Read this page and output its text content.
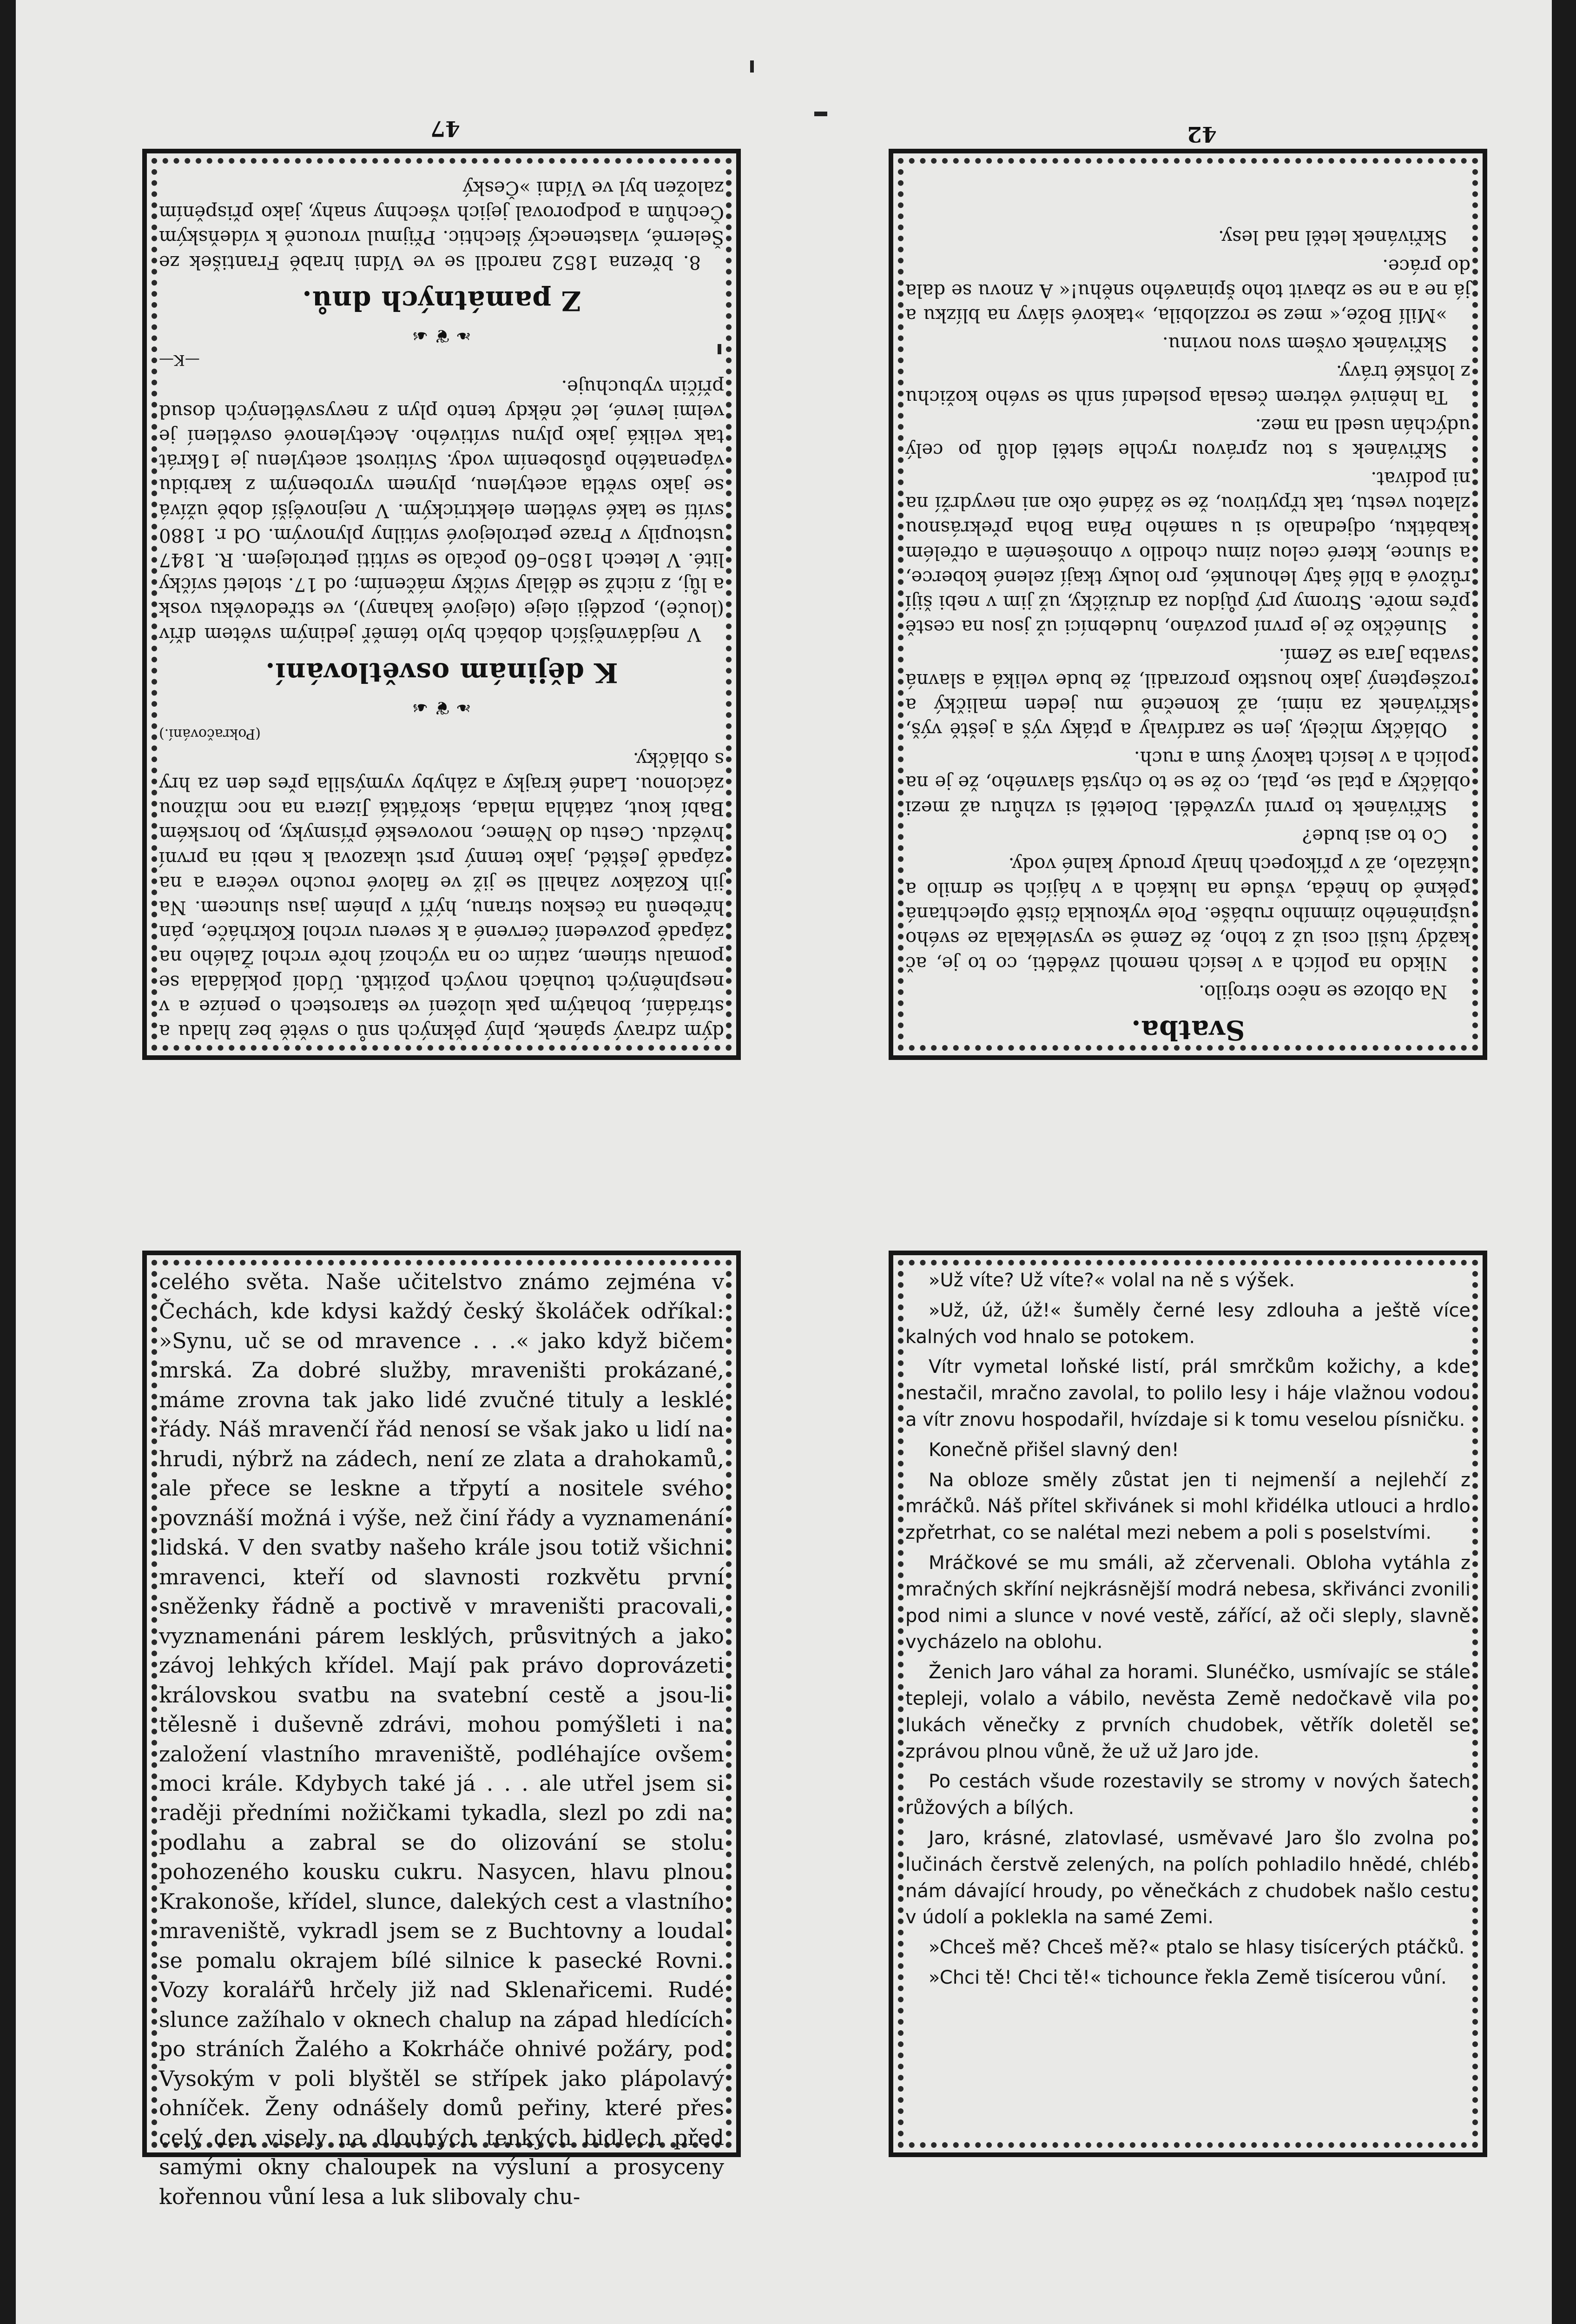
47	42

dým zdravý spánek, plný pěkných snů o světě bez hladu a strádání, bohatým pak uložení ve starostech o peníze a v nesplněných touhách nových požitků. Údolí pokládala se pomalu stínem, zatím co na výchozí hoře vrchol Žalého na západě pozvedení červené a k severu vrchol Kokrháče, pán hřebenů na českou stranu, hýří v plném jasu sluncem. Na jih Kozákov zahalil se již ve fialové roucho večera a na západě Ještěd, jako temný prst ukazoval k nebi na první hvězdu. Cestu do Němec, novoveské přísmyky, po horském Babí kout, zatáhla mlada, skořátká Jizera na noc mlžnou záclonou. Ladné krajky a záhyby vymýslila přes den za hry s obláčky.

(Pokračování.)
❧ ❦ ☙
K dějinám osvětlování.

V nejdávnějších dobách bylo téměř jediným světem dřív (louče), později oleje (olejové kahany), ve středověku vosk a lůj, z nichž se dělaly svíčky máčením; od 17. století svíčky lité. V letech 1850–60 počalo se svítiti petrolejem. R. 1847 ustoupily v Praze petrolejové svítilny plynovým. Od r. 1880 svítí se také světlem elektrickým. V nejnovější době užívá se jako světla acetylenu, plynem vyrobeným z karbidu vápenatého působením vody. Svítivost acetylenu je 16krát tak veliká jako plynu svítivého. Acetylenové osvětlení je velmi levné, leč někdy tento plyn z nevysvětlených dosud příčin vybuchuje.

—K—
❧ ❦ ☙
Z památných dnů.

8. března 1852 narodil se ve Vídni hrabě František ze Šelerně, vlastenecký šlechtic. Přijmul vroucně k vídeňským Čechům a podporoval jejich všechny snahy, jako přispěním založen byl ve Vídni »Český

Svatba.

Na obloze se něco strojilo.

Nikdo na polích a v lesích nemohl zvěděti, co to je, ač každý tušil cosi už z toho, že Země se vysvlékala ze svého ušpiněného zimního rubáše. Pole vykoukla čistě oplechtaná pěkně do hněda, všude na lukách a v hájích se drnilo a ukázalo, až v příkopech hnaly proudy kalné vody.

Co to asi bude?

Skřivánek to první vyzvěděl. Doletěl si vzhůru až mezi obláčky a ptal se, ptal, co že se to chystá slavného, že je na polích a v lesích takový šum a ruch.

Obláčky mlčely, jen se zardívaly a ptáky výš a ještě výš, skřivánek za nimi, až konečně mu jeden maličký a rozšeptený jako houstko prozradil, že bude veliká a slavná svatba Jara se Zemí.

Slunéčko že je první pozváno, hudebníci už jsou na cestě přes moře. Stromy prý půjdou za družičky, už jim v nebi šijí růžové a bílé šaty lehounké, pro louky tkají zelené koberce, a slunce, které celou zimu chodilo v ohnošeném a otřelém kabátku, odjednalo si u samého Pána Boha překrásnou zlatou vestu, tak třpytivou, že se žádné oko ani nevydrží na ni podívat.

Skřivánek s tou zprávou rychle sletěl dolů po celý udýchán usedl na mez.

Ta lněnivé větrem česala poslední sníh se svého kožichu z loňské trávy.

Skřivánek ovšem svou novinu.

»Milí Bože,« mez se rozzlobila, »takové slávy na blízku a já ne a ne se zbavit toho špinavého sněhu!« A znovu se dala do práce.

Skřivánek letěl nad lesy.

celého světa. Naše učitelstvo známo zejména v Čechách, kde kdysi každý český školáček odříkal: »Synu, uč se od mravence . . .« jako když bičem mrská. Za dobré služby, mraveništi prokázané, máme zrovna tak jako lidé zvučné tituly a lesklé řády. Náš mravenčí řád nenosí se však jako u lidí na hrudi, nýbrž na zádech, není ze zlata a drahokamů, ale přece se leskne a třpytí a nositele svého povznáší možná i výše, než činí řády a vyznamenání lidská. V den svatby našeho krále jsou totiž všichni mravenci, kteří od slavnosti rozkvětu první sněženky řádně a poctivě v mraveništi pracovali, vyznamenáni párem lesklých, průsvitných a jako závoj lehkých křídel. Mají pak právo doprovázeti královskou svatbu na svatební cestě a jsou-li tělesně i duševně zdrávi, mohou pomýšleti i na založení vlastního mraveniště, podléhajíce ovšem moci krále. Kdybych také já . . . ale utřel jsem si raději předními nožičkami tykadla, slezl po zdi na podlahu a zabral se do olizování se stolu pohozeného kousku cukru. Nasycen, hlavu plnou Krakonoše, křídel, slunce, dalekých cest a vlastního mraveniště, vykradl jsem se z Buchtovny a loudal se pomalu okrajem bílé silnice k pasecké Rovni. Vozy koralářů hrčely již nad Sklenařicemi. Rudé slunce zažíhalo v oknech chalup na západ hledících po stráních Žalého a Kokrháče ohnivé požáry, pod Vysokým v poli blyštěl se střípek jako plápolavý ohníček. Ženy odnášely domů peřiny, které přes celý den visely na dlouhých tenkých bidlech před samými okny chaloupek na výsluní a prosyceny kořennou vůní lesa a luk slibovaly chu-

»Už víte? Už víte?« volal na ně s výšek.

»Už, úž, úž!« šuměly černé lesy zdlouha a ještě více kalných vod hnalo se potokem.

Vítr vymetal loňské listí, prál smrčkům kožichy, a kde nestačil, mračno zavolal, to polilo lesy i háje vlažnou vodou a vítr znovu hospodařil, hvízdaje si k tomu veselou písničku.

Konečně přišel slavný den!

Na obloze směly zůstat jen ti nejmenší a nejlehčí z mráčků. Náš přítel skřivánek si mohl křidélka utlouci a hrdlo zpřetrhat, co se nalétal mezi nebem a poli s poselstvími.

Mráčkové se mu smáli, až zčervenali. Obloha vytáhla z mračných skříní nejkrásnější modrá nebesa, skřivánci zvonili pod nimi a slunce v nové vestě, zářící, až oči sleply, slavně vycházelo na oblohu.

Ženich Jaro váhal za horami. Slunéčko, usmívajíc se stále tepleji, volalo a vábilo, nevěsta Země nedočkavě vila po lukách věnečky z prvních chudobek, větřík doletěl se zprávou plnou vůně, že už už Jaro jde.

Po cestách všude rozestavily se stromy v nových šatech růžových a bílých.

Jaro, krásné, zlatovlasé, usměvavé Jaro šlo zvolna po lučinách čerstvě zelených, na polích pohladilo hnědé, chléb nám dávající hroudy, po věnečkách z chudobek našlo cestu v údolí a poklekla na samé Zemi.

»Chceš mě? Chceš mě?« ptalo se hlasy tisícerých ptáčků.

»Chci tě! Chci tě!« tichounce řekla Země tisícerou vůní.
